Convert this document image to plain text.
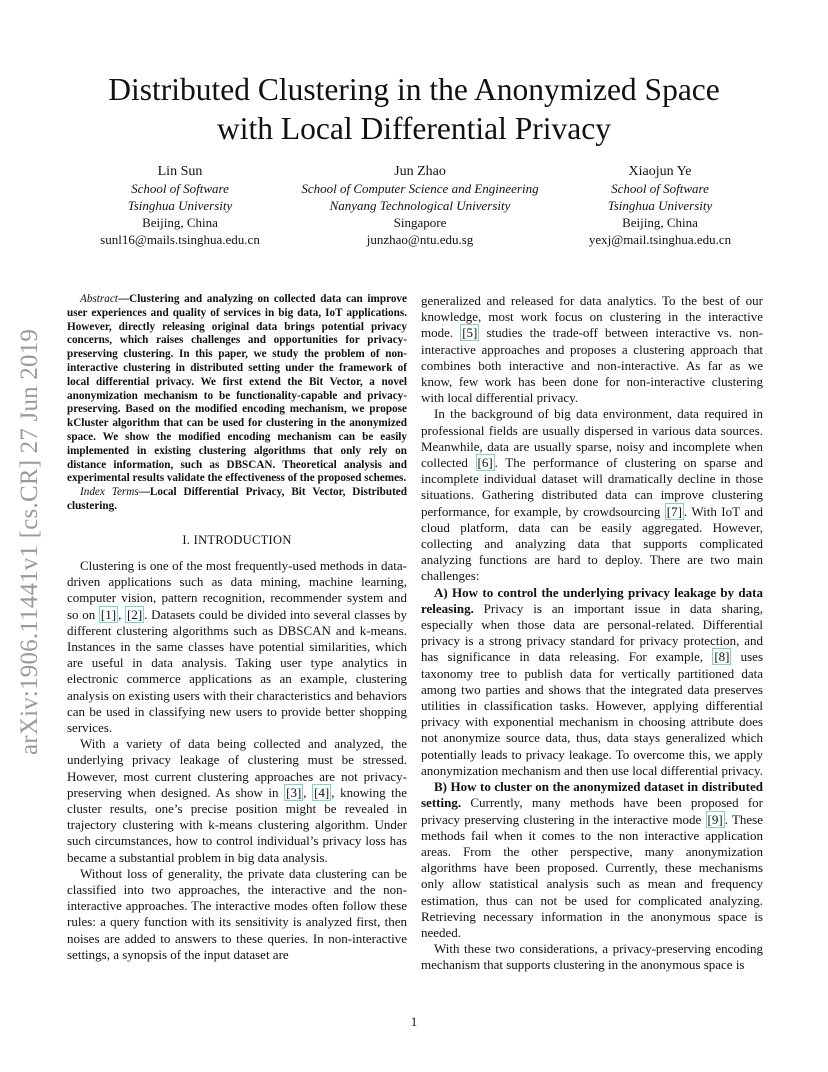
Distributed Clustering in the Anonymized Space
with Local Differential Privacy
Lin Sun
School of Software
Tsinghua University
Beijing, China
sunl16@mails.tsinghua.edu.cn
Jun Zhao
School of Computer Science and Engineering
Nanyang Technological University
Singapore
junzhao@ntu.edu.sg
Xiaojun Ye
School of Software
Tsinghua University
Beijing, China
yexj@mail.tsinghua.edu.cn
arXiv:1906.11441v1 [cs.CR] 27 Jun 2019

Abstract—Clustering and analyzing on collected data can improve user experiences and quality of services in big data, IoT applications. However, directly releasing original data brings potential privacy concerns, which raises challenges and opportunities for privacy-preserving clustering. In this paper, we study the problem of non-interactive clustering in distributed setting under the framework of local differential privacy. We first extend the Bit Vector, a novel anonymization mechanism to be functionality-capable and privacy-preserving. Based on the modified encoding mechanism, we propose kCluster algorithm that can be used for clustering in the anonymized space. We show the modified encoding mechanism can be easily implemented in existing clustering algorithms that only rely on distance information, such as DBSCAN. Theoretical analysis and experimental results validate the effectiveness of the proposed schemes.

Index Terms—Local Differential Privacy, Bit Vector, Distributed clustering.

I. INTRODUCTION

Clustering is one of the most frequently-used methods in data-driven applications such as data mining, machine learning, computer vision, pattern recognition, recommender system and so on [1] , [2] . Datasets could be divided into several classes by different clustering algorithms such as DBSCAN and k-means. Instances in the same classes have potential similarities, which are useful in data analysis. Taking user type analytics in electronic commerce applications as an example, clustering analysis on existing users with their characteristics and behaviors can be used in classifying new users to provide better shopping services.

With a variety of data being collected and analyzed, the underlying privacy leakage of clustering must be stressed. However, most current clustering approaches are not privacy-preserving when designed. As show in [3] , [4] , knowing the cluster results, one’s precise position might be revealed in trajectory clustering with k-means clustering algorithm. Under such circumstances, how to control individual’s privacy loss has became a substantial problem in big data analysis.

Without loss of generality, the private data clustering can be classified into two approaches, the interactive and the non-interactive approaches. The interactive modes often follow these rules: a query function with its sensitivity is analyzed first, then noises are added to answers to these queries. In non-interactive settings, a synopsis of the input dataset are

generalized and released for data analytics. To the best of our knowledge, most work focus on clustering in the interactive mode. [5] studies the trade-off between interactive vs. non-interactive approaches and proposes a clustering approach that combines both interactive and non-interactive. As far as we know, few work has been done for non-interactive clustering with local differential privacy.

In the background of big data environment, data required in professional fields are usually dispersed in various data sources. Meanwhile, data are usually sparse, noisy and incomplete when collected [6] . The performance of clustering on sparse and incomplete individual dataset will dramatically decline in those situations. Gathering distributed data can improve clustering performance, for example, by crowdsourcing [7] . With IoT and cloud platform, data can be easily aggregated. However, collecting and analyzing data that supports complicated analyzing functions are hard to deploy. There are two main challenges:

A) How to control the underlying privacy leakage by data releasing. Privacy is an important issue in data sharing, especially when those data are personal-related. Differential privacy is a strong privacy standard for privacy protection, and has significance in data releasing. For example, [8] uses taxonomy tree to publish data for vertically partitioned data among two parties and shows that the integrated data preserves utilities in classification tasks. However, applying differential privacy with exponential mechanism in choosing attribute does not anonymize source data, thus, data stays generalized which potentially leads to privacy leakage. To overcome this, we apply anonymization mechanism and then use local differential privacy.

B) How to cluster on the anonymized dataset in distributed setting. Currently, many methods have been proposed for privacy preserving clustering in the interactive mode [9] . These methods fail when it comes to the non interactive application areas. From the other perspective, many anonymization algorithms have been proposed. Currently, these mechanisms only allow statistical analysis such as mean and frequency estimation, thus can not be used for complicated analyzing. Retrieving necessary information in the anonymous space is needed.

With these two considerations, a privacy-preserving encoding mechanism that supports clustering in the anonymous space is

1
